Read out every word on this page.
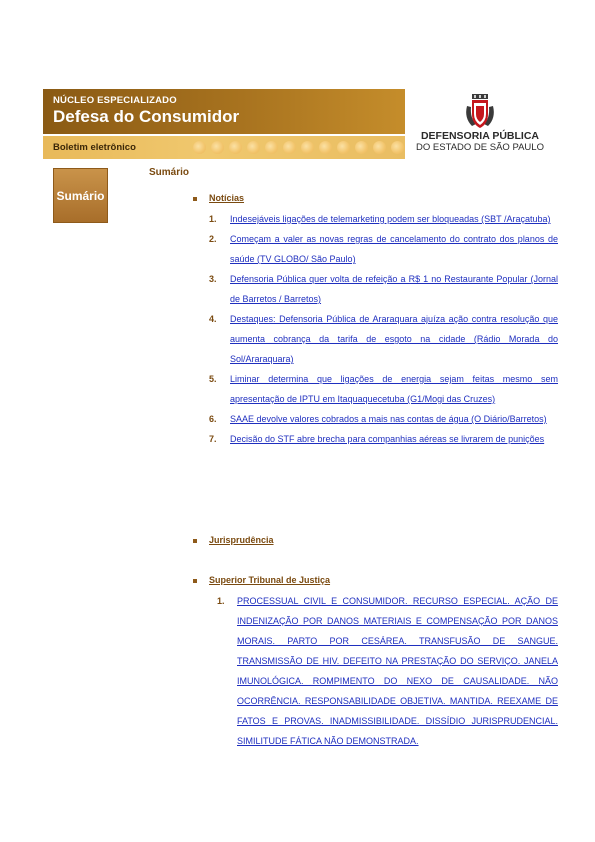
NÚCLEO ESPECIALIZADO
Defesa do Consumidor
Boletim eletrônico
DEFENSORIA PÚBLICA
DO ESTADO DE SÃO PAULO
Sumário
Sumário
Notícias
1. Indesejáveis ligações de telemarketing podem ser bloqueadas (SBT /Araçatuba)
2. Começam a valer as novas regras de cancelamento do contrato dos planos de saúde (TV GLOBO/ São Paulo)
3. Defensoria Pública quer volta de refeição a R$ 1 no Restaurante Popular (Jornal de Barretos / Barretos)
4. Destaques: Defensoria Pública de Araraquara ajuíza ação contra resolução que aumenta cobrança da tarifa de esgoto na cidade (Rádio Morada do Sol/Araraquara)
5. Liminar determina que ligações de energia sejam feitas mesmo sem apresentação de IPTU em Itaquaquecetuba (G1/Mogi das Cruzes)
6. SAAE devolve valores cobrados a mais nas contas de água (O Diário/Barretos)
7. Decisão do STF abre brecha para companhias aéreas se livrarem de punições
Jurisprudência
Superior Tribunal de Justiça
1. PROCESSUAL CIVIL E CONSUMIDOR. RECURSO ESPECIAL. AÇÃO DE INDENIZAÇÃO POR DANOS MATERIAIS E COMPENSAÇÃO POR DANOS MORAIS. PARTO POR CESÁREA. TRANSFUSÃO DE SANGUE. TRANSMISSÃO DE HIV. DEFEITO NA PRESTAÇÃO DO SERVIÇO. JANELA IMUNOLÓGICA. ROMPIMENTO DO NEXO DE CAUSALIDADE. NÃO OCORRÊNCIA. RESPONSABILIDADE OBJETIVA. MANTIDA. REEXAME DE FATOS E PROVAS. INADMISSIBILIDADE. DISSÍDIO JURISPRUDENCIAL. SIMILITUDE FÁTICA NÃO DEMONSTRADA.
